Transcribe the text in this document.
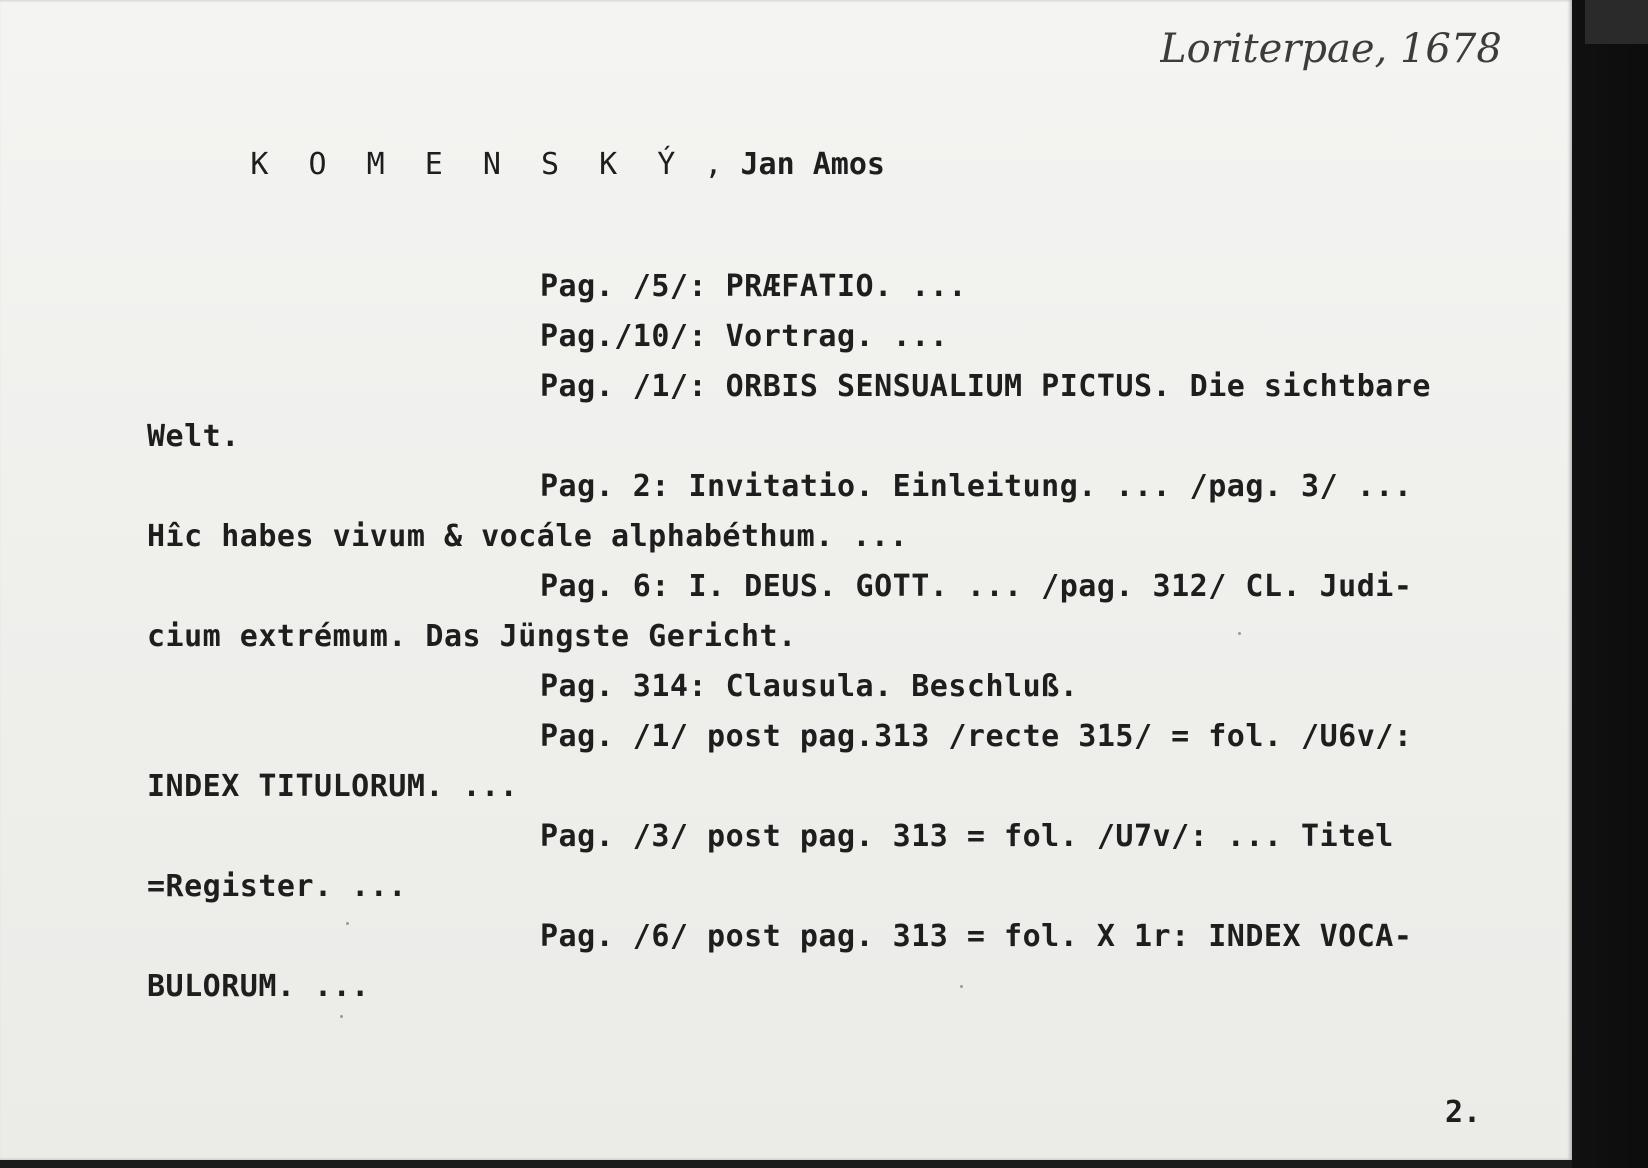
Loriterpae, 1678

K O M E N S K Ý , Jan Amos

Pag. /5/: PRÆFATIO. ...
Pag./10/: Vortrag. ...
Pag. /1/: ORBIS SENSUALIUM PICTUS. Die sichtbare
Welt.
Pag. 2: Invitatio. Einleitung. ... /pag. 3/ ...
Hîc habes vivum & vocále alphabéthum. ...
Pag. 6: I. DEUS. GOTT. ... /pag. 312/ CL. Judi-
cium extrémum. Das Jüngste Gericht.
Pag. 314: Clausula. Beschluß.
Pag. /1/ post pag.313 /recte 315/ = fol. /U6v/:
INDEX TITULORUM. ...
Pag. /3/ post pag. 313 = fol. /U7v/: ... Titel
=Register. ...
Pag. /6/ post pag. 313 = fol. X 1r: INDEX VOCA-
BULORUM. ...
2.
